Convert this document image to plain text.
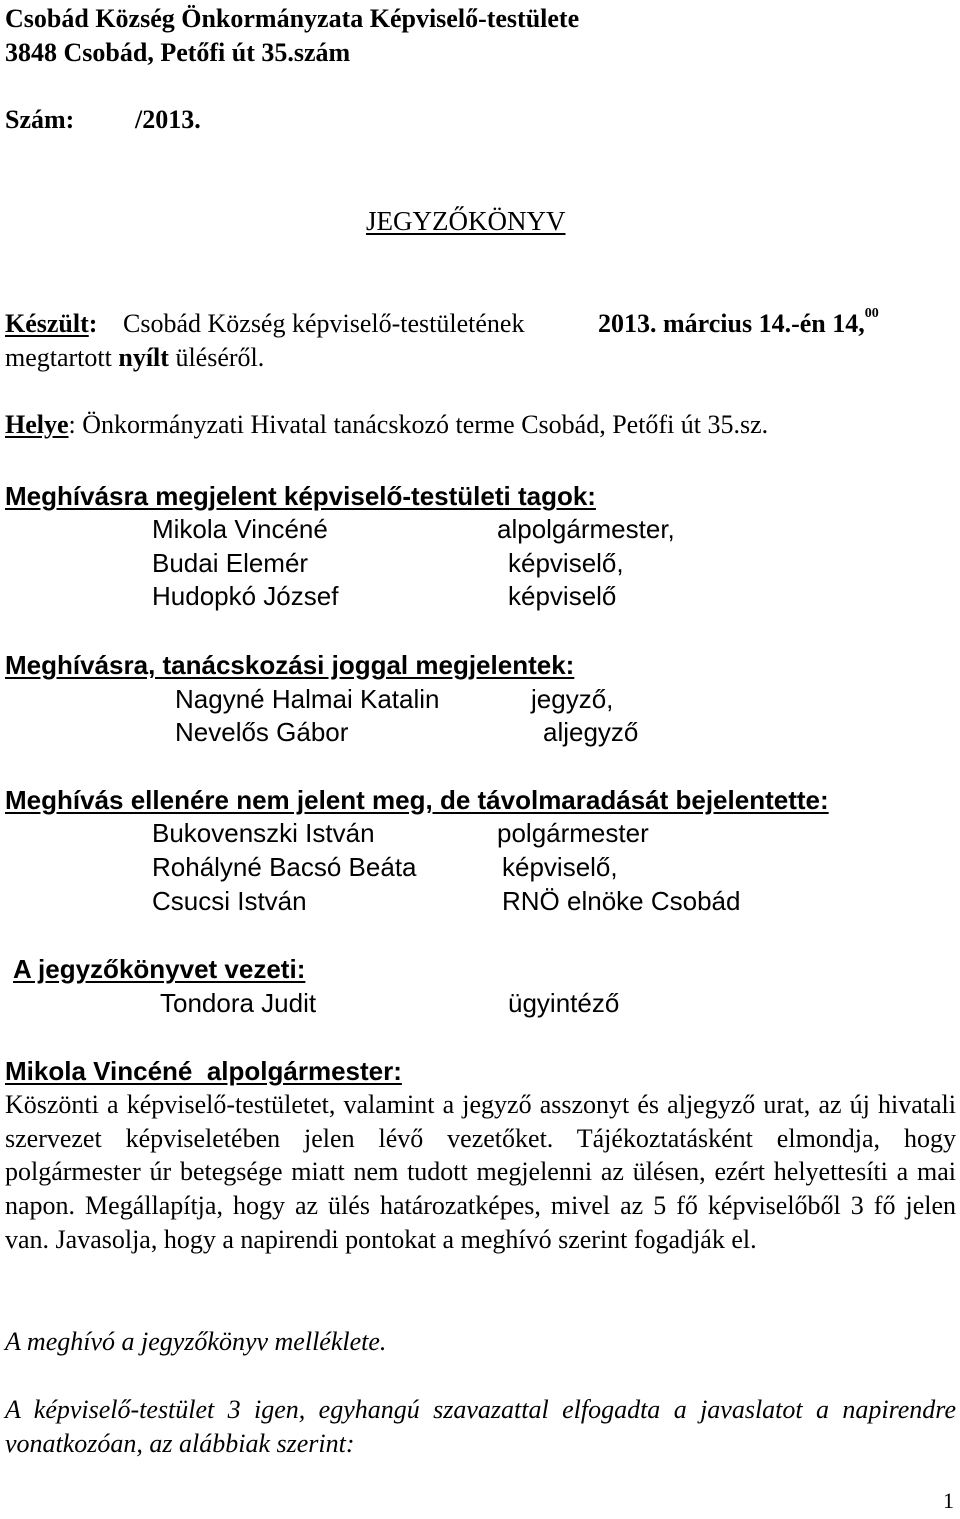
Csobád Község Önkormányzata Képviselő-testülete
3848 Csobád, Petőfi út 35.szám
Szám: /2013.
JEGYZŐKÖNYV
Készült: Csobád Község képviselő-testületének	2013. március 14.-én 14,00
megtartott nyílt üléséről.
Helye: Önkormányzati Hivatal tanácskozó terme Csobád, Petőfi út 35.sz.
Meghívásra megjelent képviselő-testületi tagok:
Mikola Vincéné	alpolgármester,
Budai Elemér	képviselő,
Hudopkó József	képviselő
Meghívásra, tanácskozási joggal megjelentek:
Nagyné Halmai Katalin	jegyző,
Nevelős Gábor	aljegyző
Meghívás ellenére nem jelent meg, de távolmaradását bejelentette:
Bukovenszki István	polgármester
Rohályné Bacsó Beáta	képviselő,
Csucsi István	RNÖ elnöke Csobád
A jegyzőkönyvet vezeti:
Tondora Judit	ügyintéző
Mikola Vincéné  alpolgármester:

Köszönti a képviselő-testületet, valamint a jegyző asszonyt és aljegyző urat, az új hivatali szervezet képviseletében jelen lévő vezetőket. Tájékoztatásként elmondja, hogy polgármester úr betegsége miatt nem tudott megjelenni az ülésen, ezért helyettesíti a mai napon. Megállapítja, hogy az ülés határozatképes, mivel az 5 fő képviselőből 3 fő jelen van. Javasolja, hogy a napirendi pontokat a meghívó szerint fogadják el.

A meghívó a jegyzőkönyv melléklete.

A képviselő-testület 3 igen, egyhangú szavazattal elfogadta a javaslatot a napirendre vonatkozóan, az alábbiak szerint:

1
